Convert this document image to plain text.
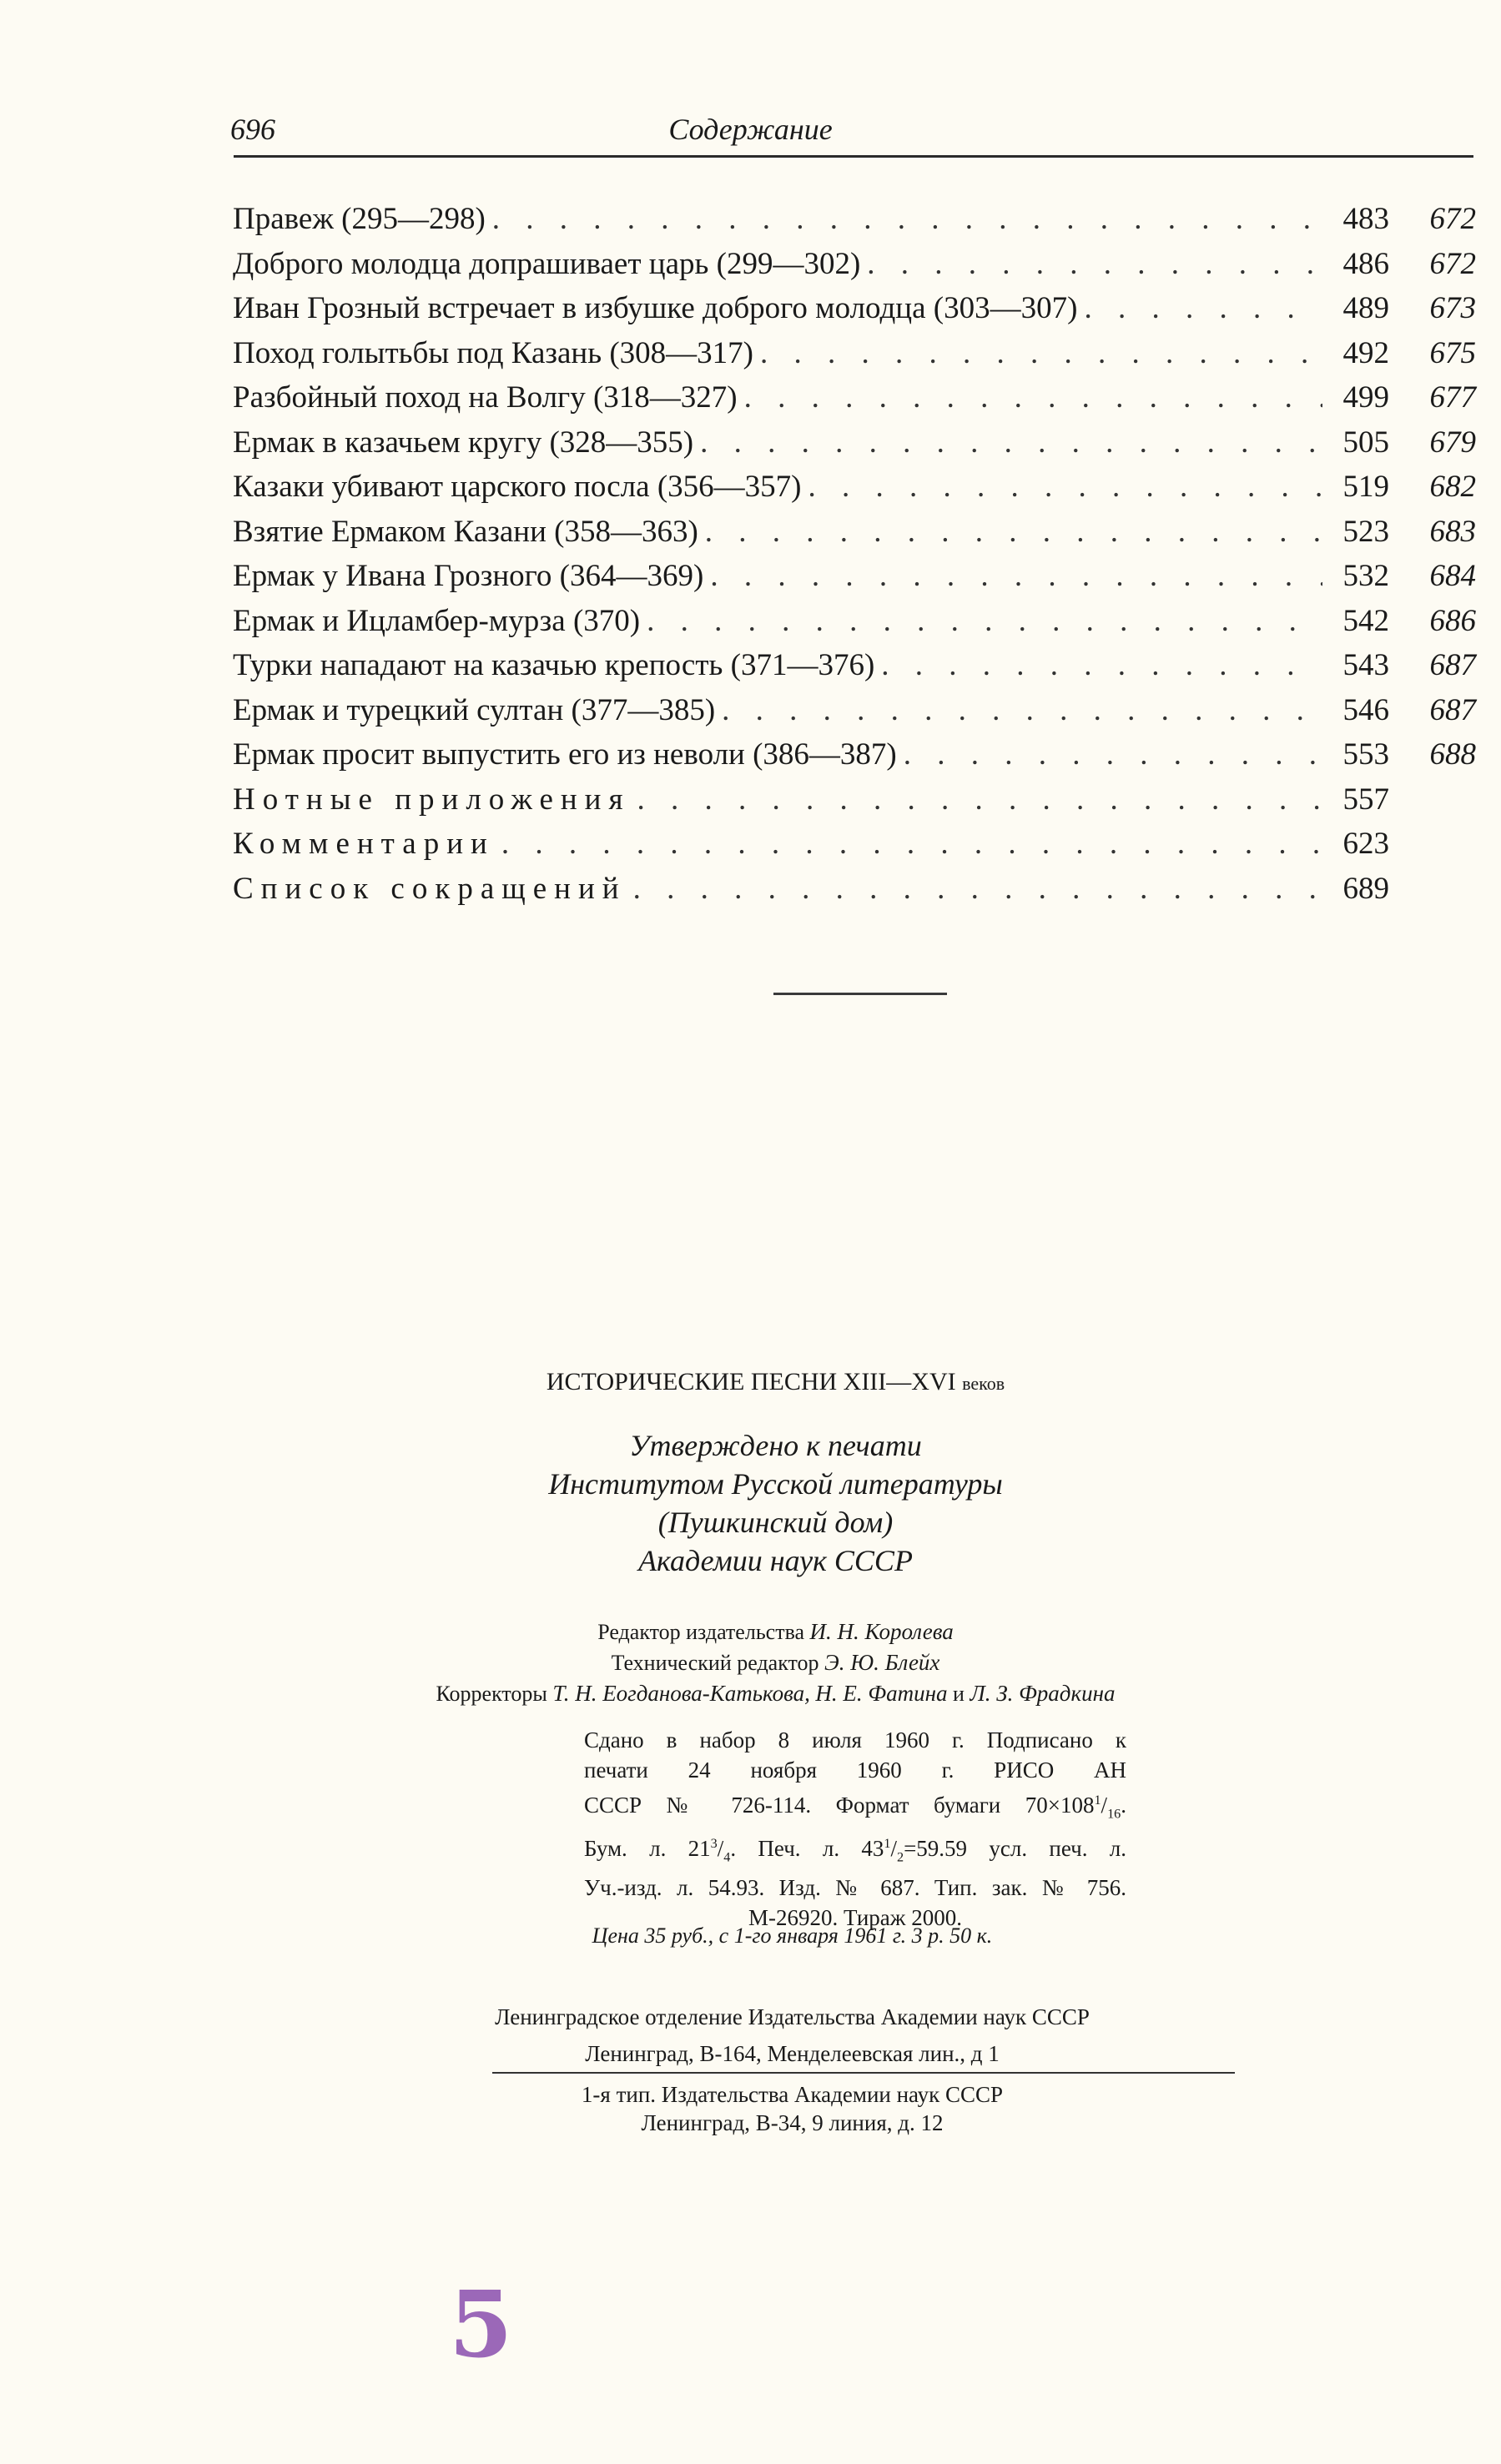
Содержание
696
Правеж (295—298) . . .	483	672
Доброго молодца допрашивает царь (299—302) . . .	486	672
Иван Грозный встречает в избушке доброго молодца (303—307) . . .	489	673
Поход голытьбы под Казань (308—317) . . .	492	675
Разбойный поход на Волгу (318—327) . . .	499	677
Ермак в казачьем кругу (328—355) . . .	505	679
Казаки убивают царского посла (356—357) . . .	519	682
Взятие Ермаком Казани (358—363) . . .	523	683
Ермак у Ивана Грозного (364—369) . . .	532	684
Ермак и Ицламбер-мурза (370) . . .	542	686
Турки нападают на казачью крепость (371—376) . . .	543	687
Ермак и турецкий султан (377—385) . . .	546	687
Ермак просит выпустить его из неволи (386—387) . . .	553	688
Нотные приложения . . .	557
Комментарии . . .	623
Список сокращений . . .	689
ИСТОРИЧЕСКИЕ ПЕСНИ XIII—XVI веков
Утверждено к печати
Институтом Русской литературы
(Пушкинский дом)
Академии наук СССР
Редактор издательства И. Н. Королева
Технический редактор Э. Ю. Блейх
Корректоры Т. Н. Еогданова-Катькова, Н. Е. Фатина и Л. З. Фрадкина
Сдано в набор 8 июля 1960 г. Подписано к
печати 24 ноября 1960 г. РИСО АН
СССР № 726-114. Формат бумаги $70\times 108^1/_{16}$.
Бум. л. $21^3/_4$. Печ. л. $43^1/_2=59.59$ усл. печ. л.
Уч.-изд. л. 54.93. Изд. № 687. Тип. зак. № 756.
М-26920. Тираж 2000.
Цена 35 руб., с 1-го января 1961 г. 3 р. 50 к.
Ленинградское отделение Издательства Академии наук СССР
Ленинград, В-164, Менделеевская лин., д 1
1-я тип. Издательства Академии наук СССР
Ленинград, В-34, 9 линия, д. 12
5
